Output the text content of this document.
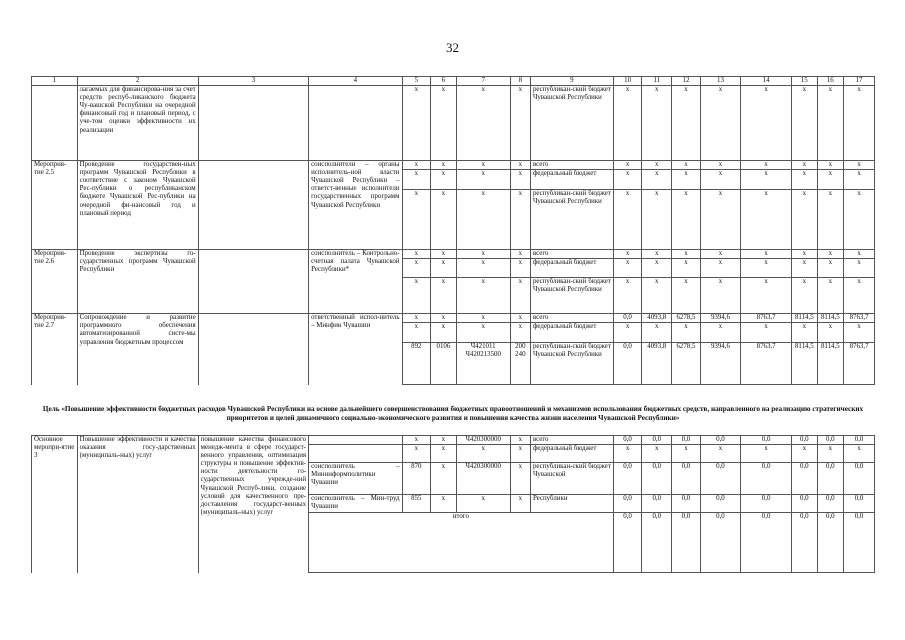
32
1	2	3	4	5	6	7	8	9	10	11	12	13	14	15	16	17
	лагаемых для финансирова-ния за счет средств респуб-ликанского бюджета Чу-вашской Республики на очередной финансовый год и плановый период, с уче-том оценки эффективности их реализации			x	x	x	x	республикан-ский бюджет Чувашской Республики	x	x	x	x	x	x	x	x
Мероприя-тие 2.5	Проведение государствен-ных программ Чувашской Республики в соответствие с законом Чувашской Рес-публики о республиканском бюджете Чувашской Рес-публики на очередной фи-нансовый год и плановый период		соисполнители – органы исполнитель-ной власти Чувашской Республики – ответст-венные исполнители государственных программ Чувашской Республики	x	x	x	x	всего	x	x	x	x	x	x	x	x
				x	x	x	x	федеральный бюджет	x	x	x	x	x	x	x	x
				x	x	x	x	республикан-ский бюджет Чувашской Республики	x	x	x	x	x	x	x	x
Мероприя-тие 2.6	Проведение экспертизы го-сударственных программ Чувашской Республики		соисполнитель – Контрольно-счетная палата Чувашской Республики*	x	x	x	x	всего	x	x	x	x	x	x	x	x
				x	x	x	x	федеральный бюджет	x	x	x	x	x	x	x	x
				x	x	x	x	республикан-ский бюджет Чувашской Республики	x	x	x	x	x	x	x	x
Мероприя-тие 2.7	Сопровождение и развитие программного обеспечения автоматизированной систе-мы управления бюджетным процессом		ответственный испол-нитель – Минфин Чувашии	x	x	x	x	всего	0,0	4093,8	6278,5	9394,6	8763,7	8114,5	8114,5	8763,7
				x	x	x	x	федеральный бюджет	x	x	x	x	x	x	x	x
				892	0106	Ч421011 Ч420213500	200 240	республикан-ский бюджет Чувашской Республики	0,0	4093,8	6278,5	9394,6	8763,7	8114,5	8114,5	8763,7
Цель «Повышение эффективности бюджетных расходов Чувашской Республики на основе дальнейшего совершенствования бюджетных правоотношений и механизмов использования бюджетных средств, направленного на реализацию стратегических приоритетов и целей динамичного социально-экономического развития и повышения качества жизни населения Чувашской Республики»
Основное меропри-ятие 3	Повышение эффективности и качества оказания госу-дарственных (муниципаль-ных) услуг	повышение качества финансового менедж-мента в сфере государст-венного управления, оптимизация структуры и повышение эффектив-ности деятельности го-сударственных учрежде-ний Чувашской Респуб-лики, создание условий для качественного пре-доставления государст-венных (муниципаль-ных) услуг		x	x	Ч420300000	x	всего	0,0	0,0	0,0	0,0	0,0	0,0	0,0	0,0
				x	x	x	x	федеральный бюджет	x	x	x	x	x	x	x	x
			соисполнитель – Мининформполитики Чувашии	870	x	Ч420300000	x	республикан-ский бюджет Чувашской	0,0	0,0	0,0	0,0	0,0	0,0	0,0	0,0
			соисполнитель – Мин-труд Чувашии	855	x	x	x	Республики	0,0	0,0	0,0	0,0	0,0	0,0	0,0	0,0
			итого						0,0	0,0	0,0	0,0	0,0	0,0	0,0	0,0
